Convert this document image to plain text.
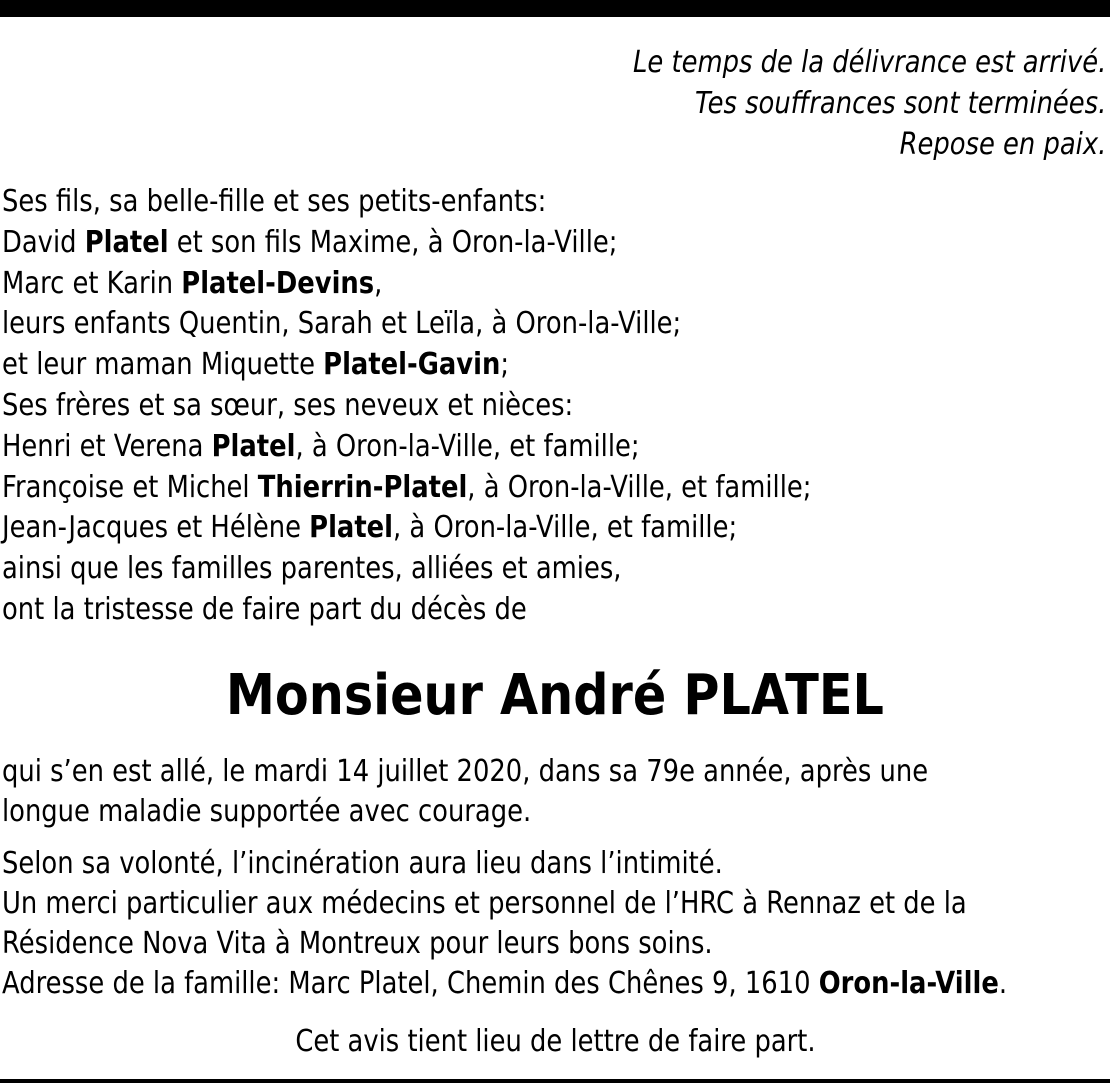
Le temps de la délivrance est arrivé.
Tes souffrances sont terminées.
Repose en paix.
Ses fils, sa belle-fille et ses petits-enfants:
David Platel et son fils Maxime, à Oron-la-Ville;
Marc et Karin Platel-Devins,
leurs enfants Quentin, Sarah et Leïla, à Oron-la-Ville;
et leur maman Miquette Platel-Gavin;
Ses frères et sa sœur, ses neveux et nièces:
Henri et Verena Platel, à Oron-la-Ville, et famille;
Françoise et Michel Thierrin-Platel, à Oron-la-Ville, et famille;
Jean-Jacques et Hélène Platel, à Oron-la-Ville, et famille;
ainsi que les familles parentes, alliées et amies,
ont la tristesse de faire part du décès de
Monsieur André PLATEL
qui s’en est allé, le mardi 14 juillet 2020, dans sa 79e année, après une
longue maladie supportée avec courage.
Selon sa volonté, l’incinération aura lieu dans l’intimité.
Un merci particulier aux médecins et personnel de l’HRC à Rennaz et de la
Résidence Nova Vita à Montreux pour leurs bons soins.
Adresse de la famille: Marc Platel, Chemin des Chênes 9, 1610 Oron-la-Ville.
Cet avis tient lieu de lettre de faire part.
